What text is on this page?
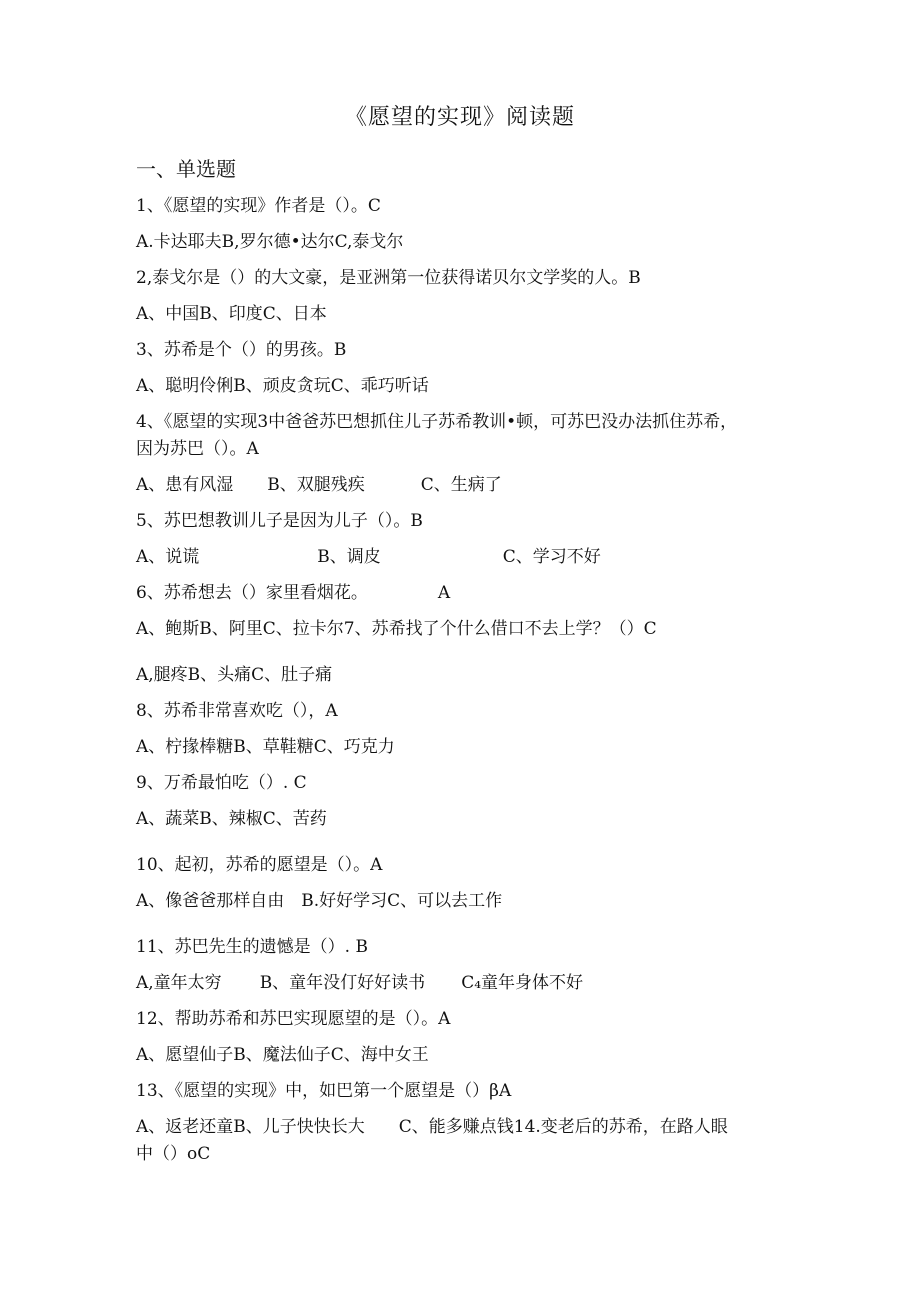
《愿望的实现》阅读题
一、单选题
1、《愿望的实现》作者是（）。C
A.卡达耶夫B,罗尔德•达尔C,泰戈尔
2,泰戈尔是（）的大文豪，是亚洲第一位获得诺贝尔文学奖的人。B
A、中国B、印度C、日本
3、苏希是个（）的男孩。B
A、聪明伶俐B、顽皮贪玩C、乖巧听话
4、《愿望的实现3中爸爸苏巴想抓住儿子苏希教训•顿，可苏巴没办法抓住苏希，
因为苏巴（）。A
A、患有风湿 B、双腿残疾	C、生病了
5、苏巴想教训儿子是因为儿子（）。B
A、说谎	B、调皮	C、学习不好
6、苏希想去（）家里看烟花。	A
A、鲍斯B、阿里C、拉卡尔7、苏希找了个什么借口不去上学？（）C
A,腿疼B、头痛C、肚子痛
8、苏希非常喜欢吃（），A
A、柠掾棒糖B、草鞋糖C、巧克力
9、万希最怕吃（）. C
A、蔬菜B、辣椒C、苦药
10、起初，苏希的愿望是（）。A
A、像爸爸那样自由　B.好好学习C、可以去工作
11、苏巴先生的遗憾是（）. B
A,童年太穷 B、童年没仃好好读书 C₄童年身体不好
12、帮助苏希和苏巴实现愿望的是（）。A
A、愿望仙子B、魔法仙子C、海中女王
13、《愿望的实现》中，如巴第一个愿望是（）βA
A、返老还童B、儿子快快长大　　C、能多赚点钱14.变老后的苏希，在路人眼
中（）oC
